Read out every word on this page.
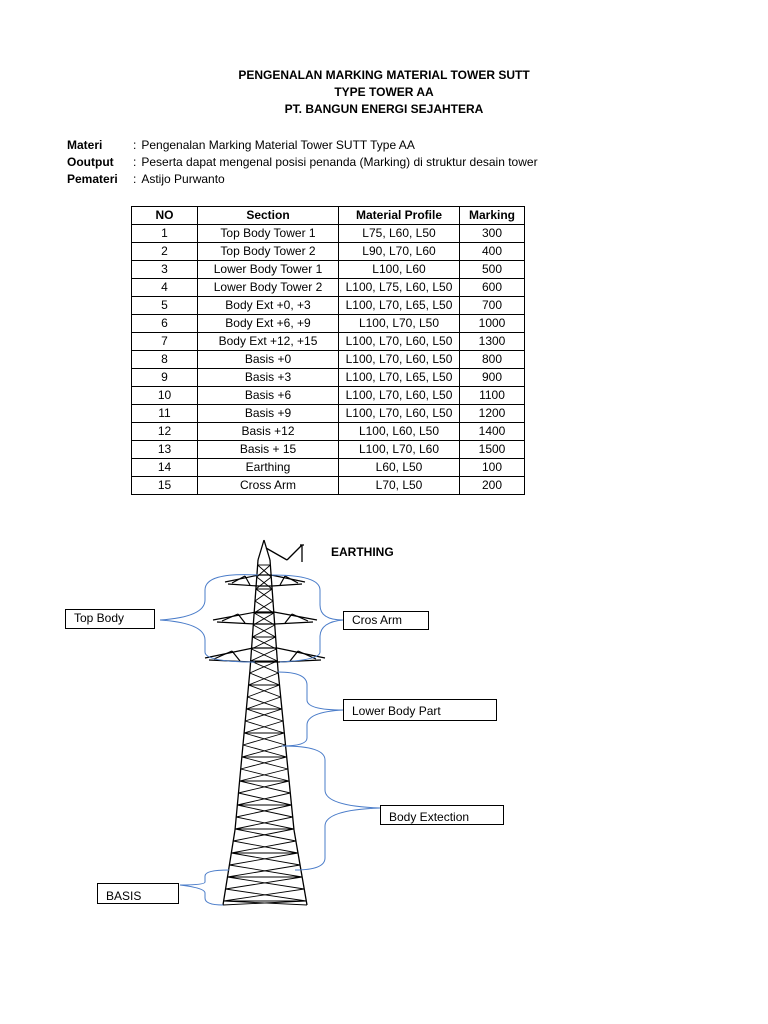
PENGENALAN MARKING MATERIAL TOWER SUTT
TYPE TOWER AA
PT. BANGUN ENERGI SEJAHTERA
Materi	: Pengenalan Marking Material Tower SUTT Type AA
Ooutput	: Peserta dapat mengenal posisi penanda (Marking) di struktur desain tower
Pemateri	: Astijo Purwanto
NO	Section	Material Profile	Marking
1	Top Body Tower 1	L75, L60, L50	300
2	Top Body Tower 2	L90, L70, L60	400
3	Lower Body Tower 1	L100, L60	500
4	Lower Body Tower 2	L100, L75, L60, L50	600
5	Body Ext +0, +3	L100, L70, L65, L50	700
6	Body Ext +6, +9	L100, L70, L50	1000
7	Body Ext +12, +15	L100, L70, L60, L50	1300
8	Basis +0	L100, L70, L60, L50	800
9	Basis +3	L100, L70, L65, L50	900
10	Basis +6	L100, L70, L60, L50	1100
11	Basis +9	L100, L70, L60, L50	1200
12	Basis +12	L100, L60, L50	1400
13	Basis + 15	L100, L70, L60	1500
14	Earthing	L60, L50	100
15	Cross Arm	L70, L50	200
EARTHING
Top Body	Cros Arm
Lower Body Part
Body Extection
BASIS
